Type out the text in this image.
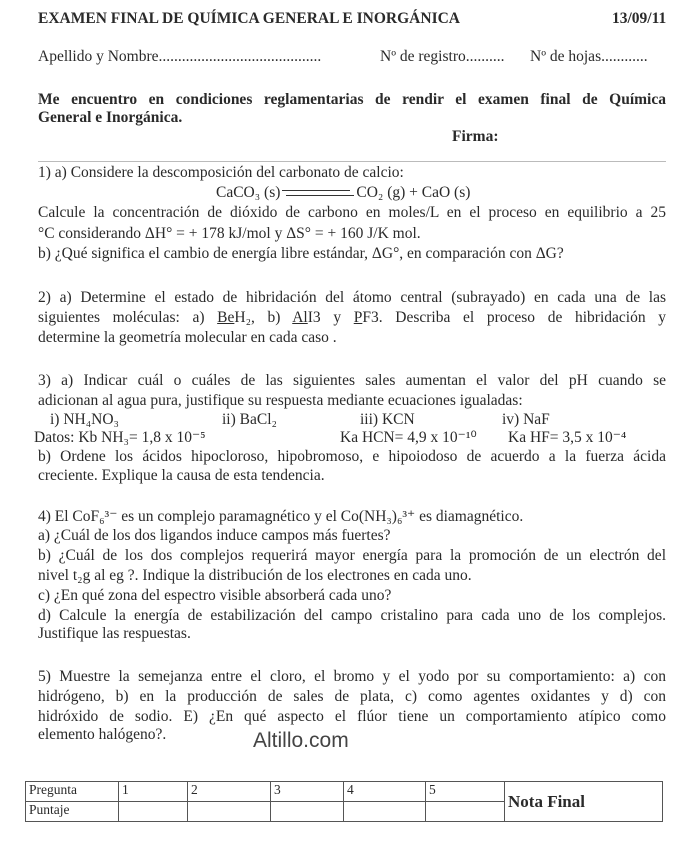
EXAMEN FINAL DE QUÍMICA GENERAL E INORGÁNICA	13/09/11
Apellido y Nombre..........................................	Nº de registro.......... Nº de hojas............
Me encuentro en condiciones reglamentarias de rendir el examen final de Química
General e Inorgánica.
Firma:
1) a) Considere la descomposición del carbonato de calcio:
CaCO₃ (s)	CO₂ (g) + CaO (s)
Calcule la concentración de dióxido de carbono en moles/L en el proceso en equilibrio a 25
°C considerando ΔH° = + 178 kJ/mol y ΔS° = + 160 J/K mol.
b) ¿Qué significa el cambio de energía libre estándar, ΔG°, en comparación con ΔG?
2) a) Determine el estado de hibridación del átomo central (subrayado) en cada una de las
siguientes moléculas: a) BeH₂, b) AlI3 y PF3. Describa el proceso de hibridación y
determine la geometría molecular en cada caso .
3) a) Indicar cuál o cuáles de las siguientes sales aumentan el valor del pH cuando se
adicionan al agua pura, justifique su respuesta mediante ecuaciones igualadas:
i) NH₄NO₃	ii) BaCl₂	iii) KCN	iv) NaF
Datos: Kb NH₃= 1,8 x 10⁻⁵	Ka HCN= 4,9 x 10⁻¹⁰ Ka HF= 3,5 x 10⁻⁴
b) Ordene los ácidos hipocloroso, hipobromoso, e hipoiodoso de acuerdo a la fuerza ácida
creciente. Explique la causa de esta tendencia.
4) El CoF₆³⁻ es un complejo paramagnético y el Co(NH₃)₆³⁺ es diamagnético.
a) ¿Cuál de los dos ligandos induce campos más fuertes?
b) ¿Cuál de los dos complejos requerirá mayor energía para la promoción de un electrón del
nivel t₂g al eg ?. Indique la distribución de los electrones en cada uno.
c) ¿En qué zona del espectro visible absorberá cada uno?
d) Calcule la energía de estabilización del campo cristalino para cada uno de los complejos.
Justifique las respuestas.
5) Muestre la semejanza entre el cloro, el bromo y el yodo por su comportamiento: a) con
hidrógeno, b) en la producción de sales de plata, c) como agentes oxidantes y d) con
hidróxido de sodio. E) ¿En qué aspecto el flúor tiene un comportamiento atípico como
elemento halógeno?.	Altillo.com
Pregunta	1	2	3	4	5	Nota Final
Puntaje						
